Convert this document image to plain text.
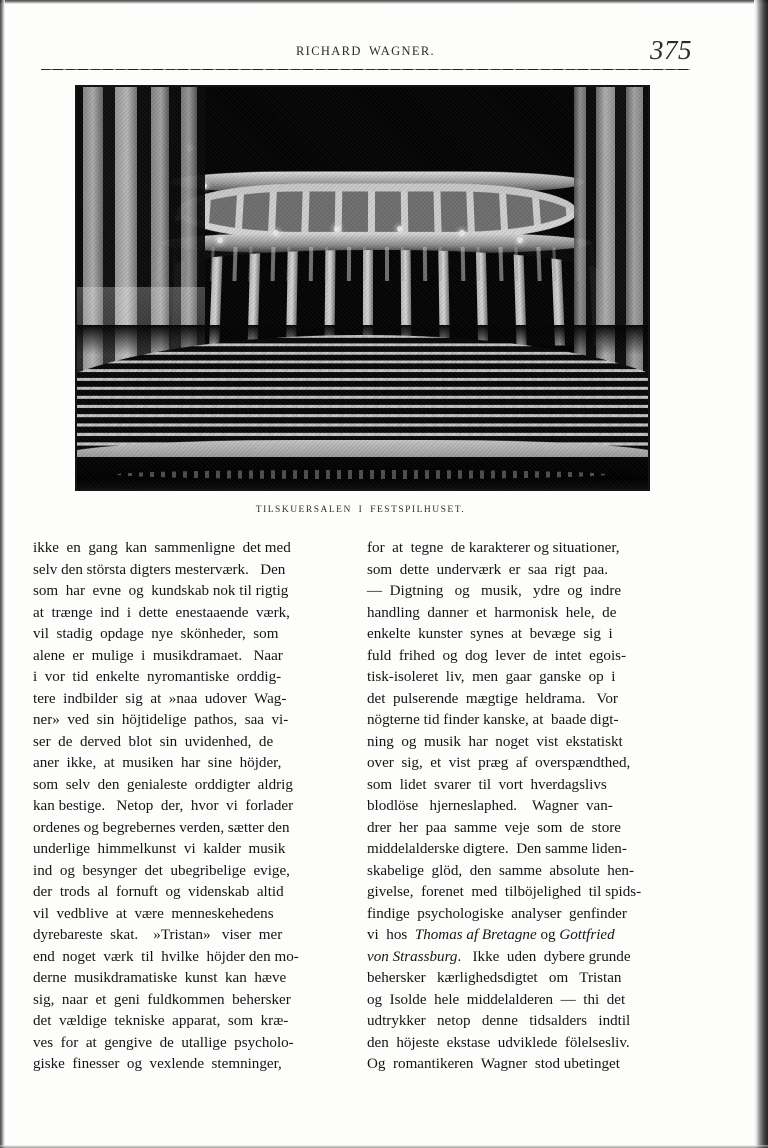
RICHARD WAGNER.	375
TILSKUERSALEN I FESTSPILHUSET.

ikke  en  gang  kan  sammenligne  det med
selv den största digters mesterværk.   Den
som  har  evne  og  kundskab nok til rigtig
at  trænge  ind  i  dette  enestaaende  værk,
vil  stadig  opdage  nye  skönheder,  som
alene  er  mulige  i  musikdramaet.   Naar
i  vor  tid  enkelte  nyromantiske  orddig-
tere  indbilder  sig  at  »naa  udover  Wag-
ner»  ved  sin  höjtidelige  pathos,  saa  vi-
ser  de  derved  blot  sin  uvidenhed,  de
aner  ikke,  at  musiken  har  sine  höjder,
som  selv  den  genialeste  orddigter  aldrig
kan bestige.   Netop  der,  hvor  vi  forlader
ordenes og begrebernes verden, sætter den
underlige  himmelkunst  vi  kalder  musik
ind  og  besynger  det  ubegribelige  evige,
der  trods  al  fornuft  og  videnskab  altid
vil  vedblive  at  være  menneskehedens
dyrebareste  skat.    »Tristan»   viser  mer
end  noget  værk  til  hvilke  höjder den mo-
derne  musikdramatiske  kunst  kan  hæve
sig,  naar  et  geni  fuldkommen  behersker
det  vældige  tekniske  apparat,  som  kræ-
ves  for  at  gengive  de  utallige  psycholo-
giske  finesser  og  vexlende  stemninger,

for  at  tegne  de karakterer og situationer,
som  dette  underværk  er  saa  rigt  paa.
—  Digtning   og   musik,   ydre  og  indre
handling  danner  et  harmonisk  hele,  de
enkelte  kunster  synes  at  bevæge  sig  i
fuld  frihed  og  dog  lever  de  intet  egois-
tisk-isoleret  liv,  men  gaar  ganske  op  i
det  pulserende  mægtige  heldrama.   Vor
nögterne tid finder kanske, at  baade digt-
ning  og  musik  har  noget  vist  ekstatiskt
over  sig,  et  vist  præg  af  overspændthed,
som  lidet  svarer  til  vort  hverdagslivs
blodlöse   hjerneslaphed.    Wagner  van-
drer  her  paa  samme  veje  som  de  store
middelalderske digtere.  Den samme liden-
skabelige  glöd,  den  samme  absolute  hen-
givelse,  forenet  med  tilböjelighed  til spids-
findige  psychologiske  analyser  genfinder
vi  hos  Thomas af Bretagne og Gottfried
von Strassburg.   Ikke  uden  dybere grunde
behersker   kærlighedsdigtet   om   Tristan
og  Isolde  hele  middelalderen  —  thi  det
udtrykker   netop   denne   tidsalders   indtil
den  höjeste  ekstase  udviklede  fölelsesliv.
Og  romantikeren  Wagner  stod ubetinget
